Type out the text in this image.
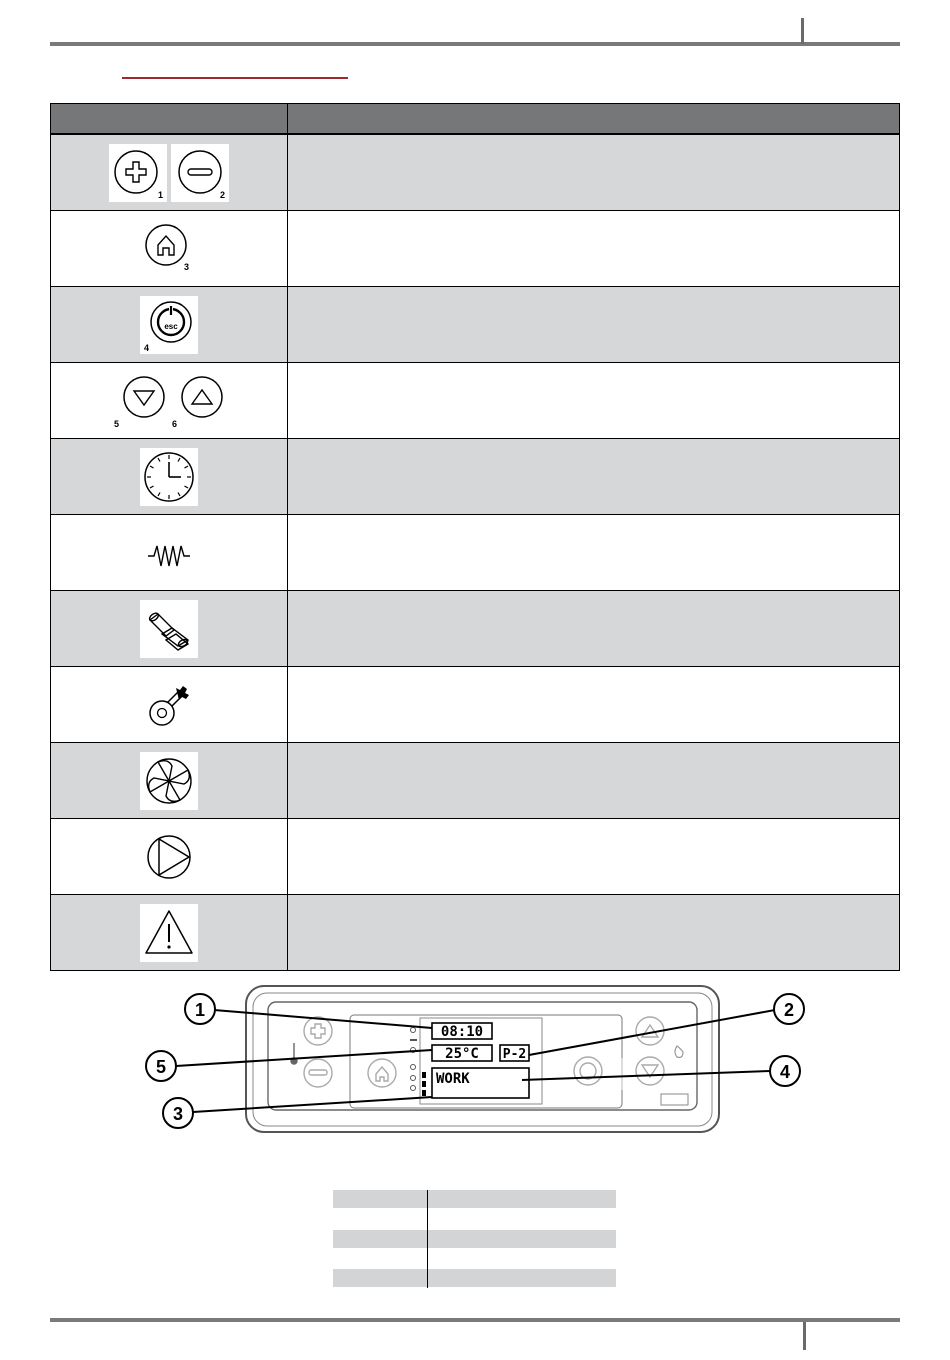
1	2
3
esc
4
5	6
08:10
25°C P-2
WORK
1	2
5	4
3
